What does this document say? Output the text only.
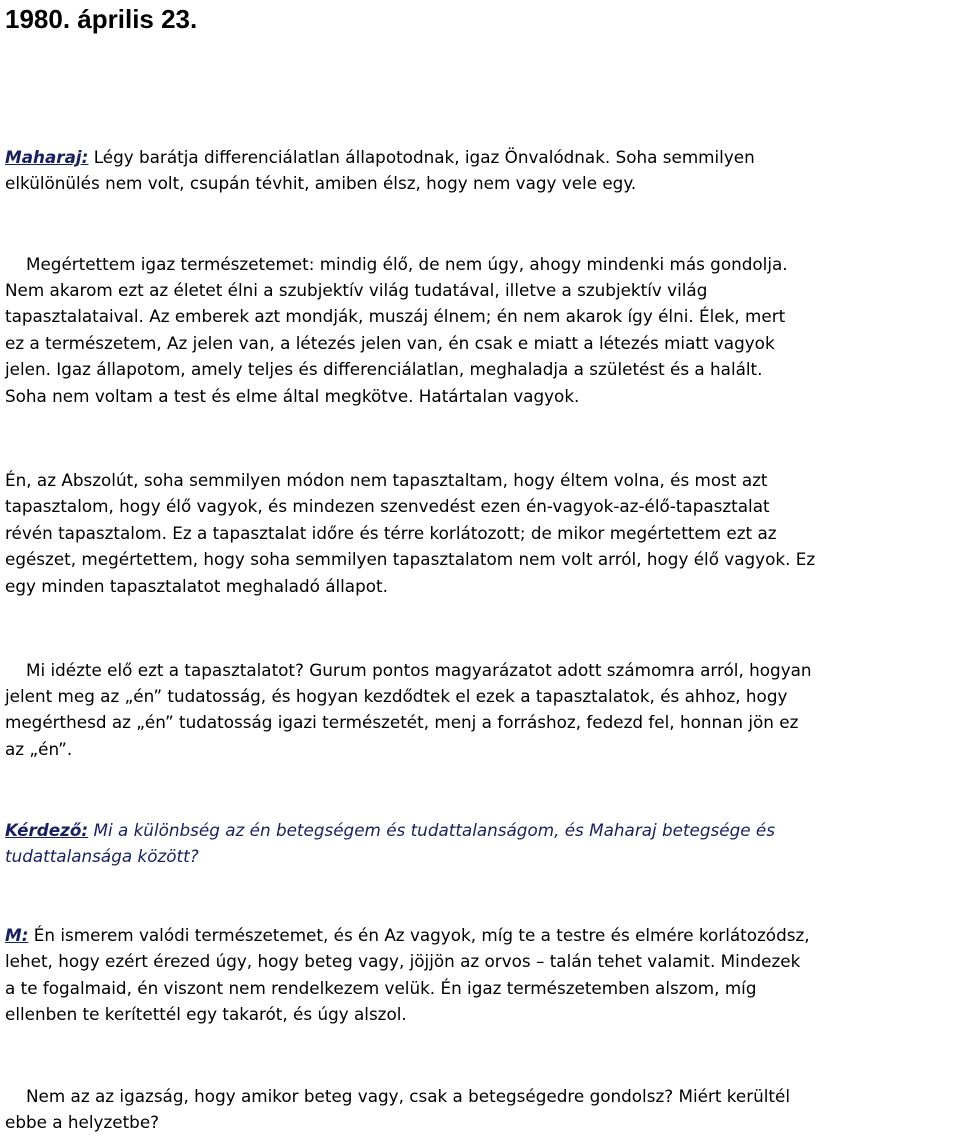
1980. április 23.

Maharaj: Légy barátja differenciálatlan állapotodnak, igaz Önvalódnak. Soha semmilyen
elkülönülés nem volt, csupán tévhit, amiben élsz, hogy nem vagy vele egy.

Megértettem igaz természetemet: mindig élő, de nem úgy, ahogy mindenki más gondolja.

Nem akarom ezt az életet élni a szubjektív világ tudatával, illetve a szubjektív világ
tapasztalataival. Az emberek azt mondják, muszáj élnem; én nem akarok így élni. Élek, mert
ez a természetem, Az jelen van, a létezés jelen van, én csak e miatt a létezés miatt vagyok
jelen. Igaz állapotom, amely teljes és differenciálatlan, meghaladja a születést és a halált.
Soha nem voltam a test és elme által megkötve. Határtalan vagyok.

Én, az Abszolút, soha semmilyen módon nem tapasztaltam, hogy éltem volna, és most azt
tapasztalom, hogy élő vagyok, és mindezen szenvedést ezen én-vagyok-az-élő-tapasztalat
révén tapasztalom. Ez a tapasztalat időre és térre korlátozott; de mikor megértettem ezt az
egészet, megértettem, hogy soha semmilyen tapasztalatom nem volt arról, hogy élő vagyok. Ez
egy minden tapasztalatot meghaladó állapot.

Mi idézte elő ezt a tapasztalatot? Gurum pontos magyarázatot adott számomra arról, hogyan

jelent meg az „én” tudatosság, és hogyan kezdődtek el ezek a tapasztalatok, és ahhoz, hogy
megérthesd az „én” tudatosság igazi természetét, menj a forráshoz, fedezd fel, honnan jön ez
az „én”.

Kérdező: Mi a különbség az én betegségem és tudattalanságom, és Maharaj betegsége és
tudattalansága között?

M: Én ismerem valódi természetemet, és én Az vagyok, míg te a testre és elmére korlátozódsz,
lehet, hogy ezért érezed úgy, hogy beteg vagy, jöjjön az orvos – talán tehet valamit. Mindezek
a te fogalmaid, én viszont nem rendelkezem velük. Én igaz természetemben alszom, míg
ellenben te kerítettél egy takarót, és úgy alszol.

Nem az az igazság, hogy amikor beteg vagy, csak a betegségedre gondolsz? Miért kerültél

ebbe a helyzetbe?
